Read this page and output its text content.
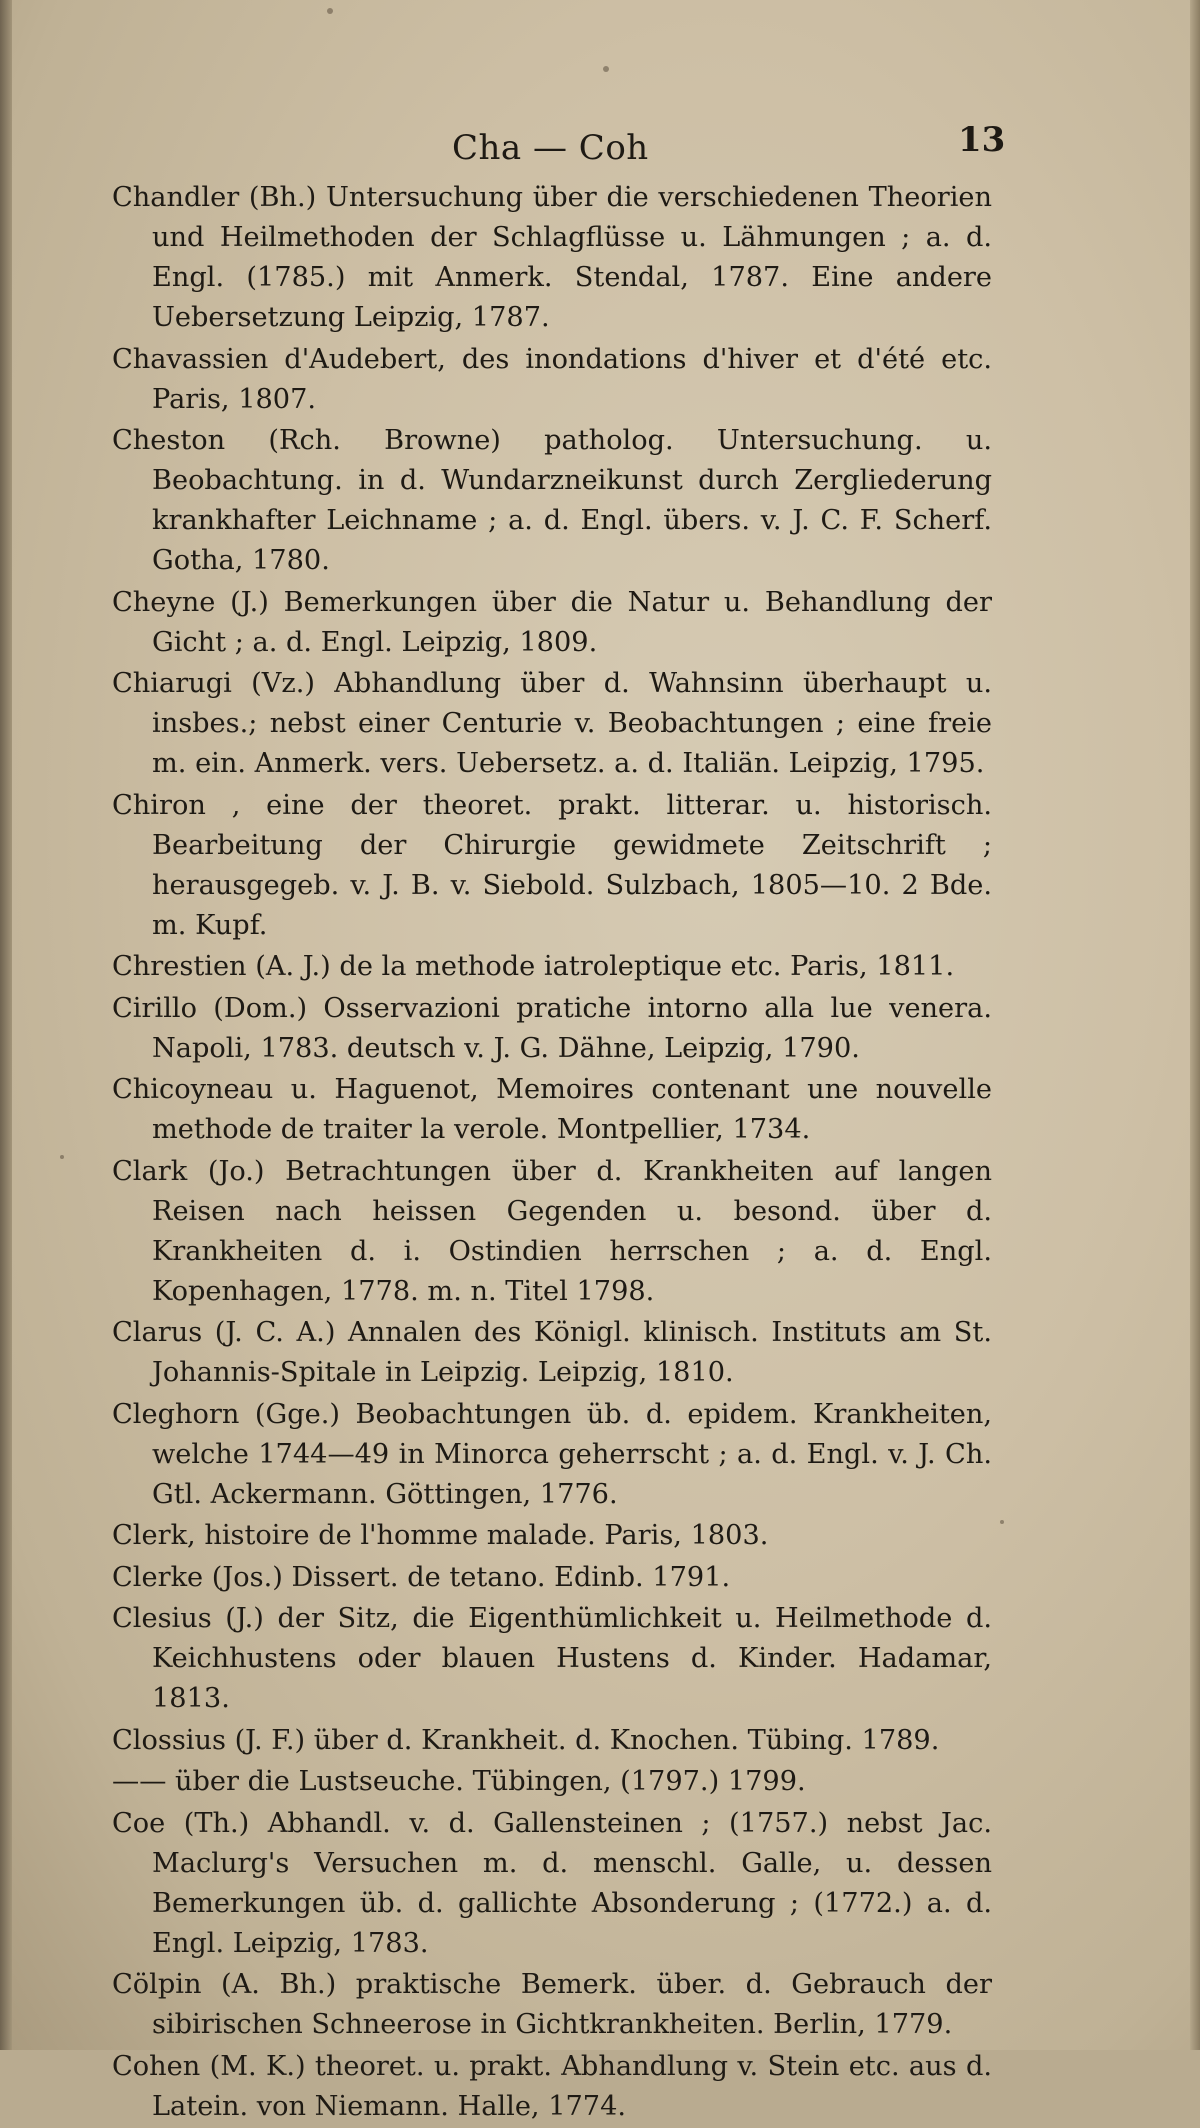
Cha — Coh	13

Chandler (Bh.) Untersuchung über die verschiedenen Theorien und Heilmethoden der Schlagflüsse u. Lähmungen ; a. d. Engl. (1785.) mit Anmerk. Stendal, 1787. Eine andere Uebersetzung Leipzig, 1787.

Chavassien d'Audebert, des inondations d'hiver et d'été etc. Paris, 1807.

Cheston (Rch. Browne) patholog. Untersuchung. u. Beobachtung. in d. Wundarzneikunst durch Zergliederung krankhafter Leichname ; a. d. Engl. übers. v. J. C. F. Scherf. Gotha, 1780.

Cheyne (J.) Bemerkungen über die Natur u. Behandlung der Gicht ; a. d. Engl. Leipzig, 1809.

Chiarugi (Vz.) Abhandlung über d. Wahnsinn überhaupt u. insbes.; nebst einer Centurie v. Beobachtungen ; eine freie m. ein. Anmerk. vers. Uebersetz. a. d. Italiän. Leipzig, 1795.

Chiron , eine der theoret. prakt. litterar. u. historisch. Bearbeitung der Chirurgie gewidmete Zeitschrift ; herausgegeb. v. J. B. v. Siebold. Sulzbach, 1805—10. 2 Bde. m. Kupf.

Chrestien (A. J.) de la methode iatroleptique etc. Paris, 1811.

Cirillo (Dom.) Osservazioni pratiche intorno alla lue venera. Napoli, 1783. deutsch v. J. G. Dähne, Leipzig, 1790.

Chicoyneau u. Haguenot, Memoires contenant une nouvelle methode de traiter la verole. Montpellier, 1734.

Clark (Jo.) Betrachtungen über d. Krankheiten auf langen Reisen nach heissen Gegenden u. besond. über d. Krankheiten d. i. Ostindien herrschen ; a. d. Engl. Kopenhagen, 1778. m. n. Titel 1798.

Clarus (J. C. A.) Annalen des Königl. klinisch. Instituts am St. Johannis-Spitale in Leipzig. Leipzig, 1810.

Cleghorn (Gge.) Beobachtungen üb. d. epidem. Krankheiten, welche 1744—49 in Minorca geherrscht ; a. d. Engl. v. J. Ch. Gtl. Ackermann. Göttingen, 1776.

Clerk, histoire de l'homme malade. Paris, 1803.

Clerke (Jos.) Dissert. de tetano. Edinb. 1791.

Clesius (J.) der Sitz, die Eigenthümlichkeit u. Heilmethode d. Keichhustens oder blauen Hustens d. Kinder. Hadamar, 1813.

Clossius (J. F.) über d. Krankheit. d. Knochen. Tübing. 1789.

—— über die Lustseuche. Tübingen, (1797.) 1799.

Coe (Th.) Abhandl. v. d. Gallensteinen ; (1757.) nebst Jac. Maclurg's Versuchen m. d. menschl. Galle, u. dessen Bemerkungen üb. d. gallichte Absonderung ; (1772.) a. d. Engl. Leipzig, 1783.

Cölpin (A. Bh.) praktische Bemerk. über. d. Gebrauch der sibirischen Schneerose in Gichtkrankheiten. Berlin, 1779.

Cohen (M. K.) theoret. u. prakt. Abhandlung v. Stein etc. aus d. Latein. von Niemann. Halle, 1774.
